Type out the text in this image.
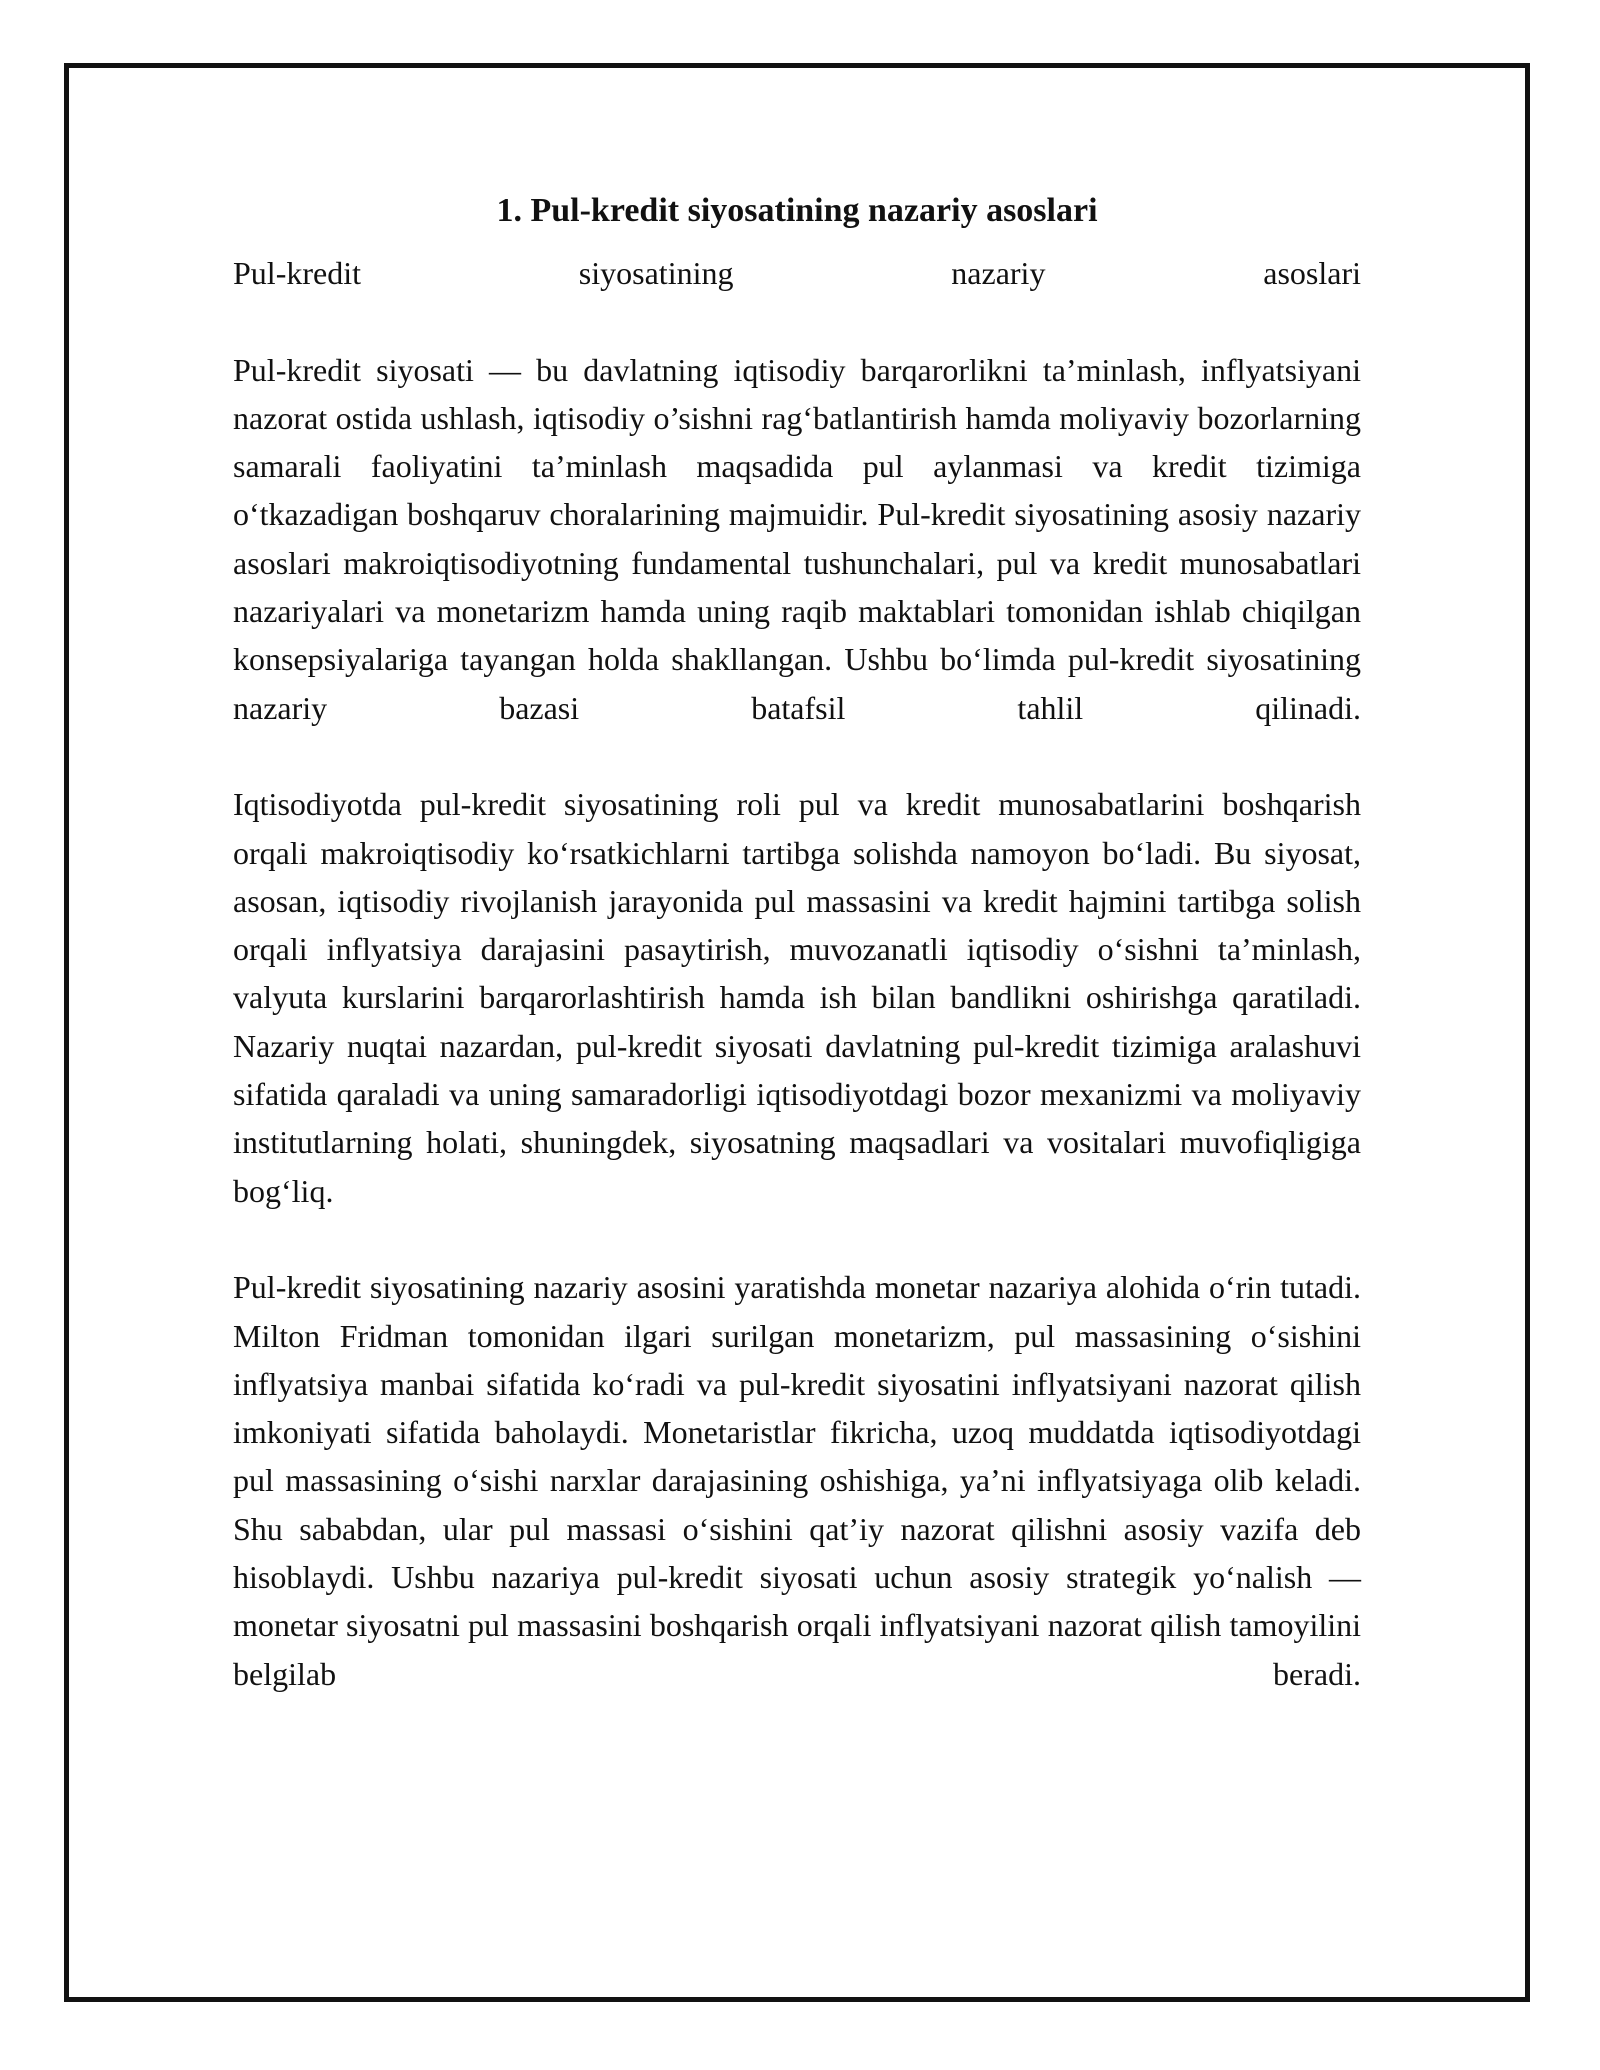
1. Pul-kredit siyosatining nazariy asoslari

Pul-kredit siyosatining nazariy asoslari

Pul-kredit siyosati — bu davlatning iqtisodiy barqarorlikni ta’minlash, inflyatsiyani nazorat ostida ushlash, iqtisodiy o’sishni rag‘batlantirish hamda moliyaviy bozorlarning samarali faoliyatini ta’minlash maqsadida pul aylanmasi va kredit tizimiga o‘tkazadigan boshqaruv choralarining majmuidir. Pul-kredit siyosatining asosiy nazariy asoslari makroiqtisodiyotning fundamental tushunchalari, pul va kredit munosabatlari nazariyalari va monetarizm hamda uning raqib maktablari tomonidan ishlab chiqilgan konsepsiyalariga tayangan holda shakllangan. Ushbu bo‘limda pul-kredit siyosatining nazariy bazasi batafsil tahlil qilinadi.

Iqtisodiyotda pul-kredit siyosatining roli pul va kredit munosabatlarini boshqarish orqali makroiqtisodiy ko‘rsatkichlarni tartibga solishda namoyon bo‘ladi. Bu siyosat, asosan, iqtisodiy rivojlanish jarayonida pul massasini va kredit hajmini tartibga solish orqali inflyatsiya darajasini pasaytirish, muvozanatli iqtisodiy o‘sishni ta’minlash, valyuta kurslarini barqarorlashtirish hamda ish bilan bandlikni oshirishga qaratiladi. Nazariy nuqtai nazardan, pul-kredit siyosati davlatning pul-kredit tizimiga aralashuvi sifatida qaraladi va uning samaradorligi iqtisodiyotdagi bozor mexanizmi va moliyaviy institutlarning holati, shuningdek, siyosatning maqsadlari va vositalari muvofiqligiga bog‘liq.

Pul-kredit siyosatining nazariy asosini yaratishda monetar nazariya alohida o‘rin tutadi. Milton Fridman tomonidan ilgari surilgan monetarizm, pul massasining o‘sishini inflyatsiya manbai sifatida ko‘radi va pul-kredit siyosatini inflyatsiyani nazorat qilish imkoniyati sifatida baholaydi. Monetaristlar fikricha, uzoq muddatda iqtisodiyotdagi pul massasining o‘sishi narxlar darajasining oshishiga, ya’ni inflyatsiyaga olib keladi. Shu sababdan, ular pul massasi o‘sishini qat’iy nazorat qilishni asosiy vazifa deb hisoblaydi. Ushbu nazariya pul-kredit siyosati uchun asosiy strategik yo‘nalish — monetar siyosatni pul massasini boshqarish orqali inflyatsiyani nazorat qilish tamoyilini belgilab beradi.
